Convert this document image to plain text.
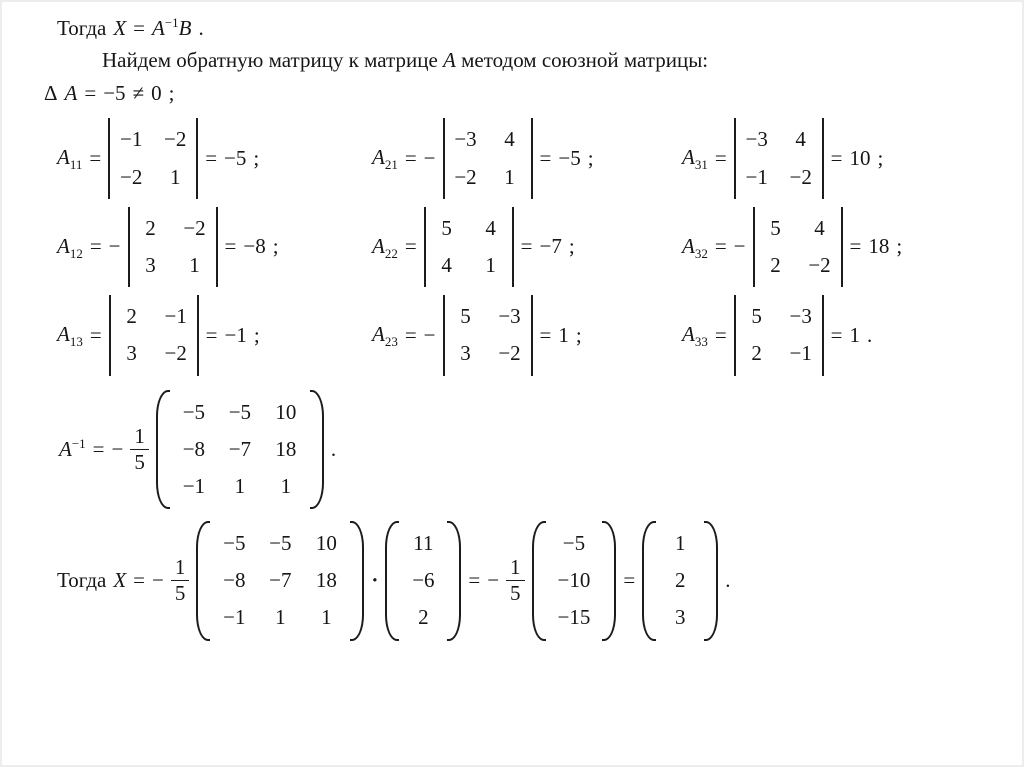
Тогда $X = A^{-1}B$ .
Найдем обратную матрицу к матрице A методом союзной матрицы:
Δ A = −5 ≠ 0 ;
$A_{11}$ =
−1 −2
−2	1
= −5 ;	$A_{21}$ = −
−3	4
−2	1
= −5 ;	$A_{31}$ =
−3	4
−1 −2
= 10 ;
$A_{12}$ = −
2	−2
3	1
= −8 ;	$A_{22}$ =
5	4
4	1
= −7 ;	$A_{32}$ = −
5	4
2	−2
= 18 ;
$A_{13}$ =
2	−1
3	−2
= −1 ;	$A_{23}$ = −
5	−3
3	−2
= 1 ;	$A_{33}$ =
5	−3
2	−1
= 1 .
$A^{-1}$ = − $\frac{1}{5}$
−5 −5 10
−8 −7 18
−1	1	1
.
Тогда X = − $\frac{1}{5}$
−5 −5 10
−8 −7 18
−1	1	1
·
11
−6
2
= − $\frac{1}{5}$
−5
−10
−15
=
1
2
3
.
